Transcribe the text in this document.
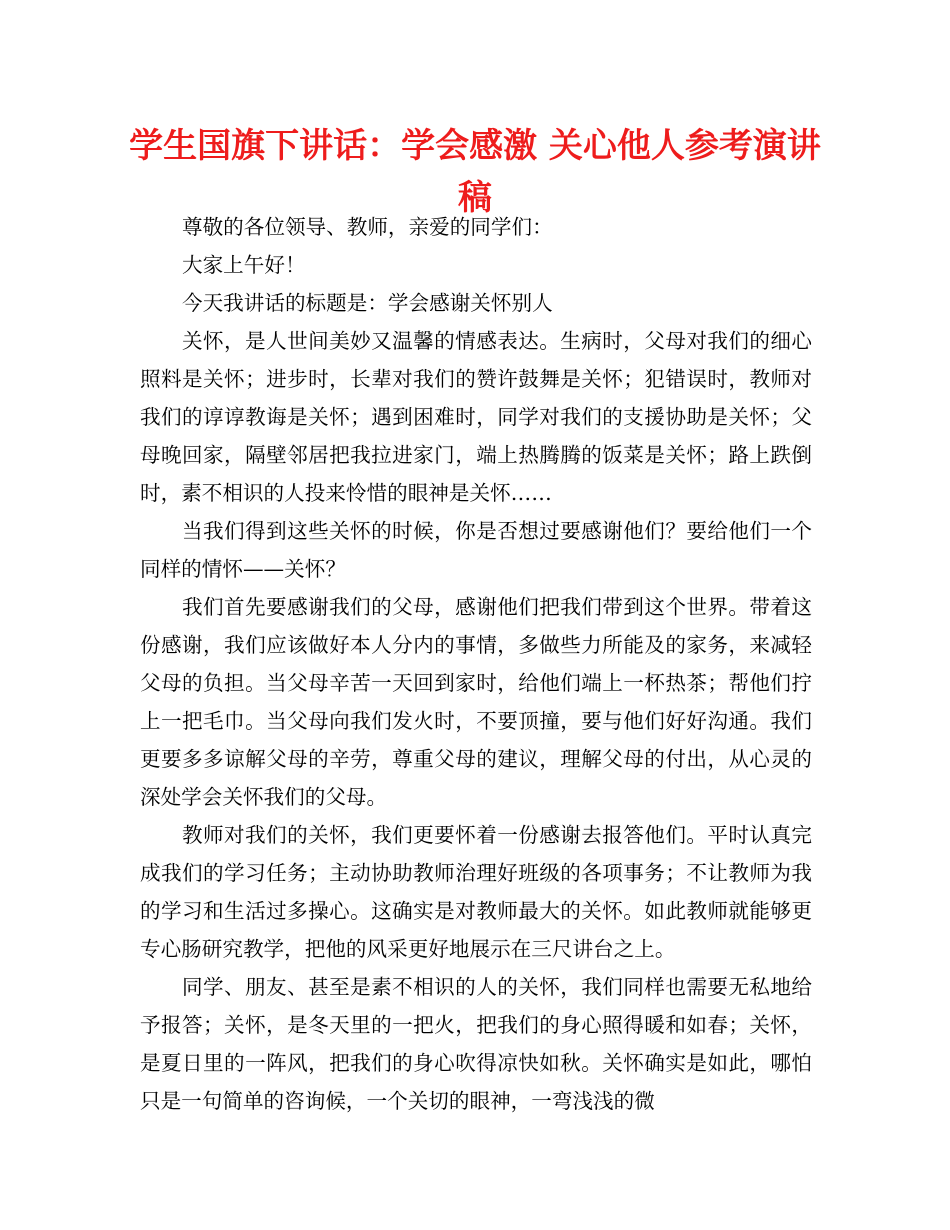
学生国旗下讲话：学会感激 关心他人参考演讲稿

尊敬的各位领导、教师，亲爱的同学们：

大家上午好！

今天我讲话的标题是：学会感谢关怀别人

关怀，是人世间美妙又温馨的情感表达。生病时，父母对我们的细心照料是关怀；进步时，长辈对我们的赞许鼓舞是关怀；犯错误时，教师对我们的谆谆教诲是关怀；遇到困难时，同学对我们的支援协助是关怀；父母晚回家，隔壁邻居把我拉进家门，端上热腾腾的饭菜是关怀；路上跌倒时，素不相识的人投来怜惜的眼神是关怀……

当我们得到这些关怀的时候，你是否想过要感谢他们？要给他们一个同样的情怀——关怀？

我们首先要感谢我们的父母，感谢他们把我们带到这个世界。带着这份感谢，我们应该做好本人分内的事情，多做些力所能及的家务，来减轻父母的负担。当父母辛苦一天回到家时，给他们端上一杯热茶；帮他们拧上一把毛巾。当父母向我们发火时，不要顶撞，要与他们好好沟通。我们更要多多谅解父母的辛劳，尊重父母的建议，理解父母的付出，从心灵的深处学会关怀我们的父母。

教师对我们的关怀，我们更要怀着一份感谢去报答他们。平时认真完成我们的学习任务；主动协助教师治理好班级的各项事务；不让教师为我的学习和生活过多操心。这确实是对教师最大的关怀。如此教师就能够更专心肠研究教学，把他的风采更好地展示在三尺讲台之上。

同学、朋友、甚至是素不相识的人的关怀，我们同样也需要无私地给予报答；关怀，是冬天里的一把火，把我们的身心照得暖和如春；关怀，是夏日里的一阵风，把我们的身心吹得凉快如秋。关怀确实是如此，哪怕只是一句简单的咨询候，一个关切的眼神，一弯浅浅的微
